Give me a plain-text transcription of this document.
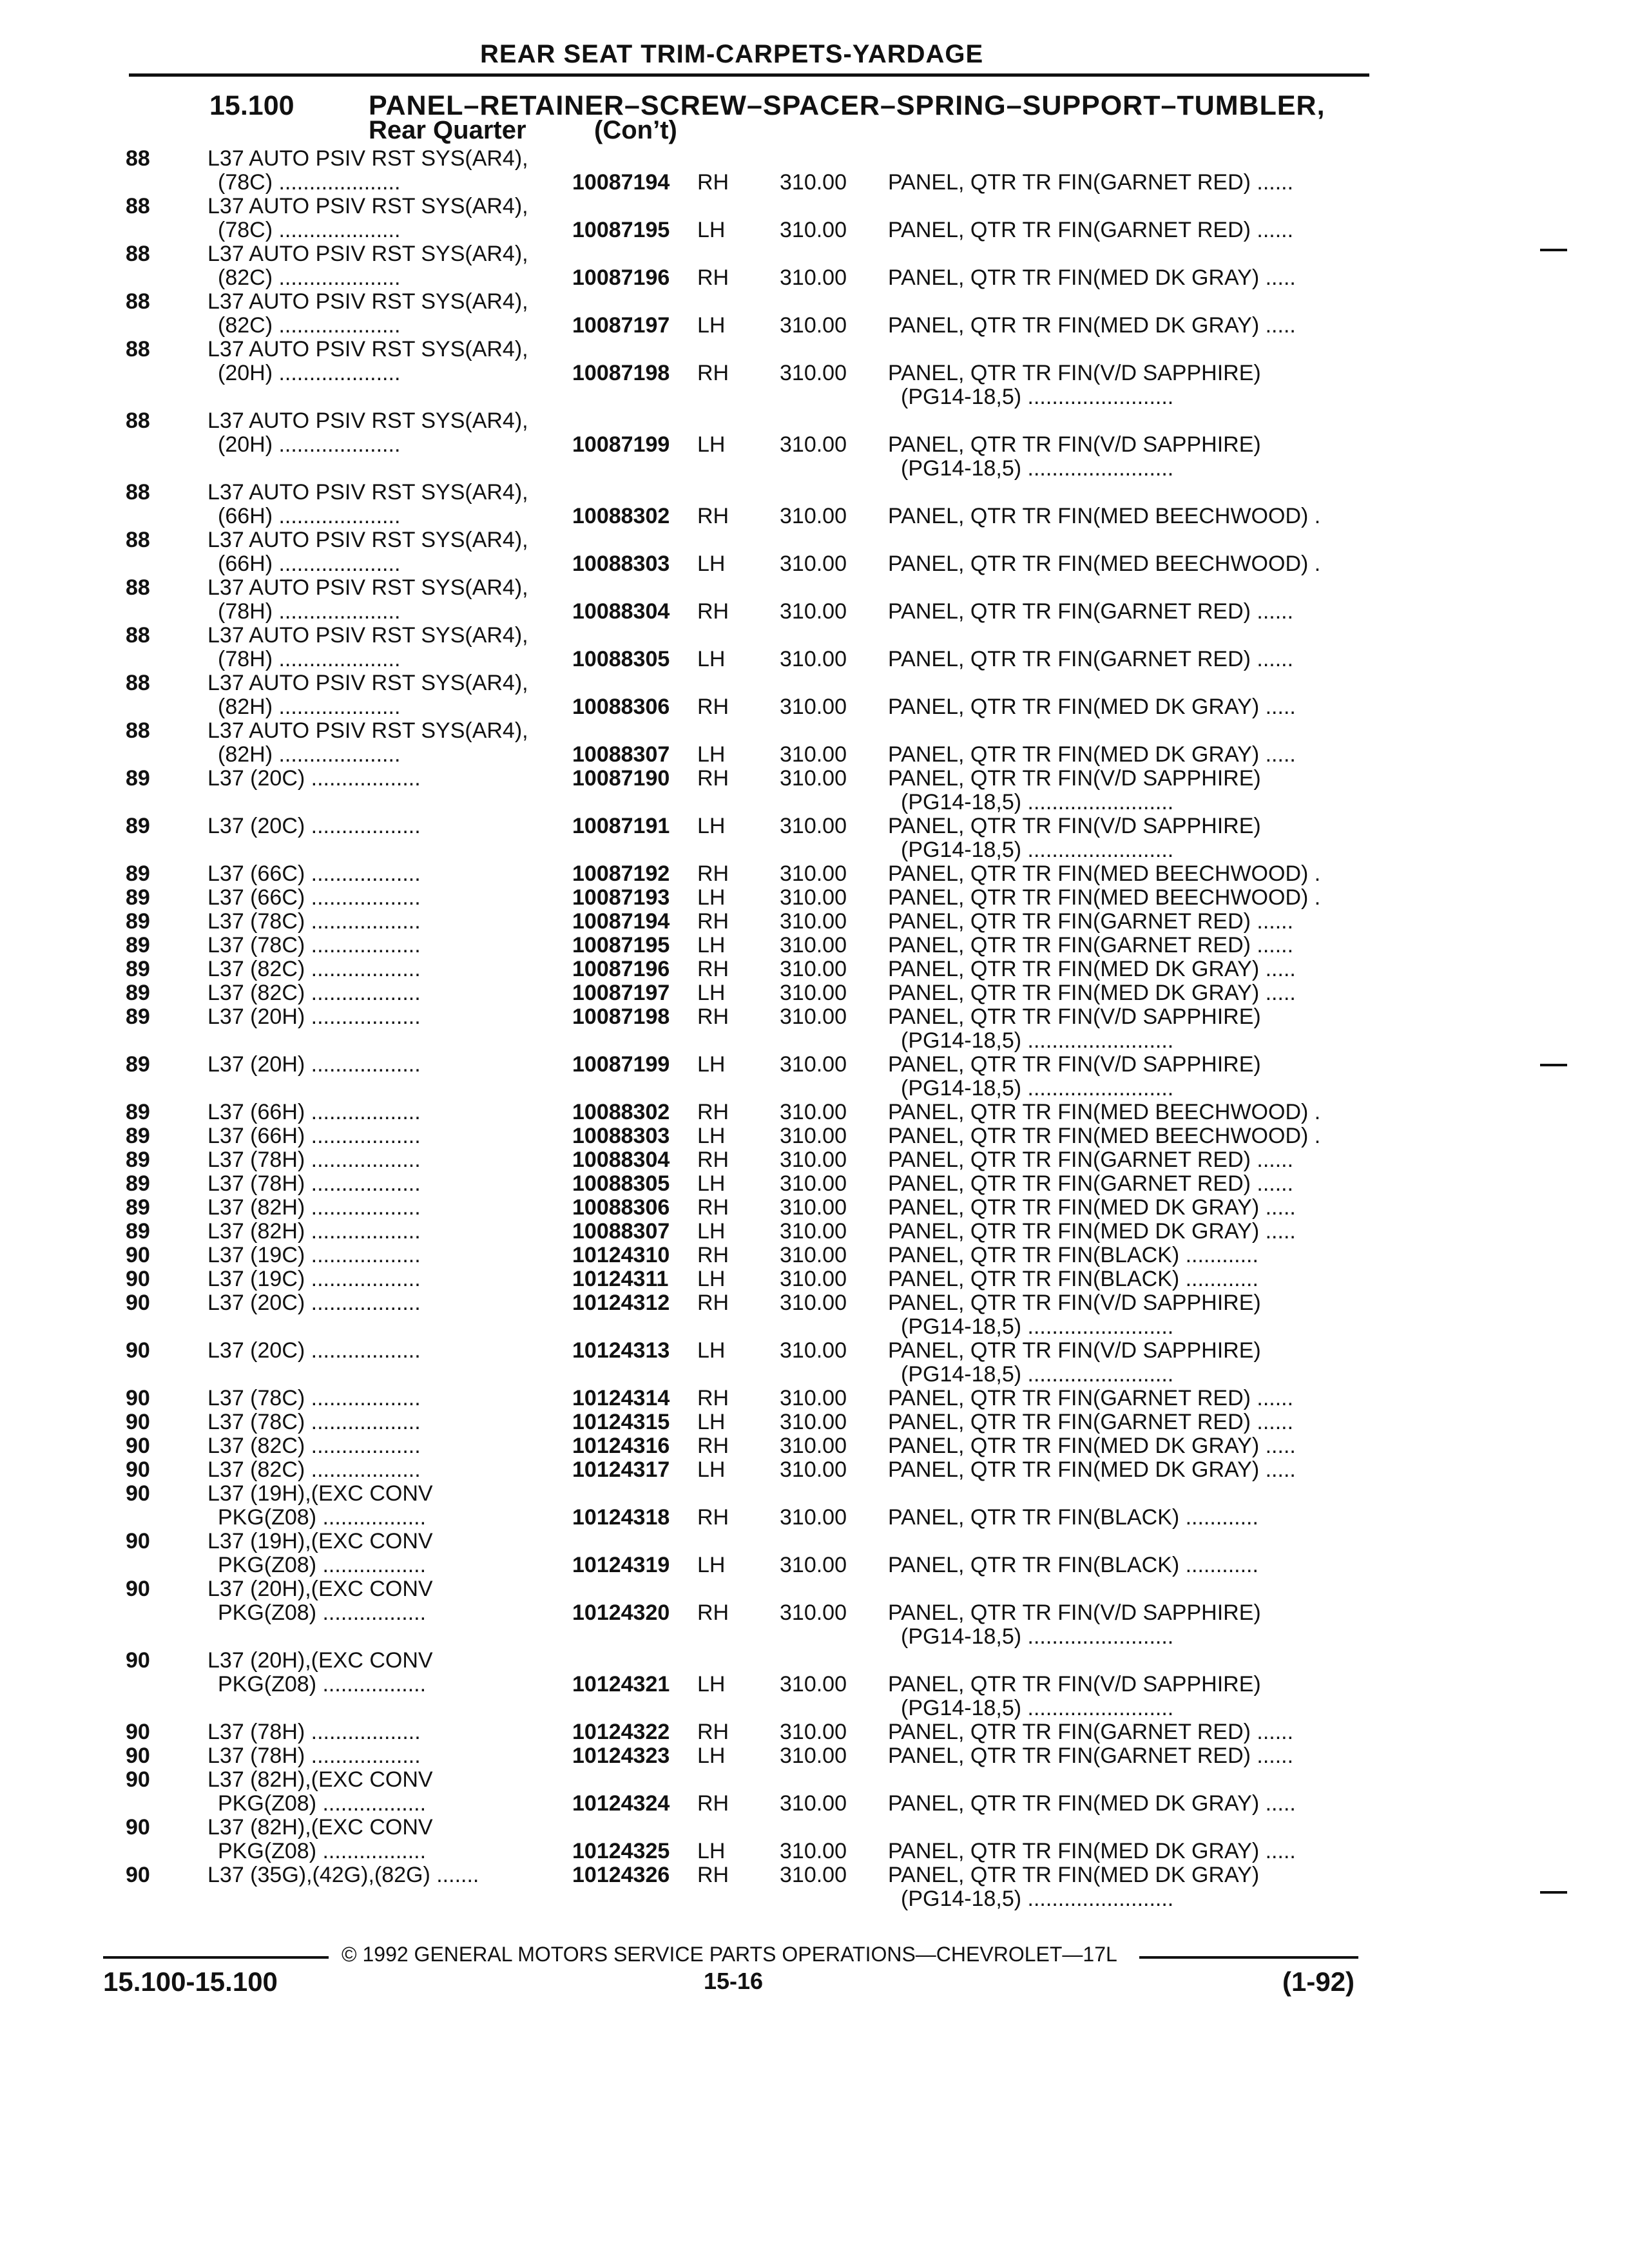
REAR SEAT TRIM-CARPETS-YARDAGE
15.100	PANEL–RETAINER–SCREW–SPACER–SPRING–SUPPORT–TUMBLER,
Rear Quarter	(Con’t)
88	L37 AUTO PSIV RST SYS(AR4),
(78C) ....................	10087194 RH 310.00 PANEL, QTR TR FIN(GARNET RED) ......
88	L37 AUTO PSIV RST SYS(AR4),
(78C) ....................	10087195 LH 310.00 PANEL, QTR TR FIN(GARNET RED) ......
88	L37 AUTO PSIV RST SYS(AR4),
(82C) ....................	10087196 RH 310.00 PANEL, QTR TR FIN(MED DK GRAY) .....
88	L37 AUTO PSIV RST SYS(AR4),
(82C) ....................	10087197 LH 310.00 PANEL, QTR TR FIN(MED DK GRAY) .....
88	L37 AUTO PSIV RST SYS(AR4),
(20H) ....................	10087198 RH 310.00 PANEL, QTR TR FIN(V/D SAPPHIRE)
(PG14-18,5) ........................
88	L37 AUTO PSIV RST SYS(AR4),
(20H) ....................	10087199 LH 310.00 PANEL, QTR TR FIN(V/D SAPPHIRE)
(PG14-18,5) ........................
88	L37 AUTO PSIV RST SYS(AR4),
(66H) ....................	10088302 RH 310.00 PANEL, QTR TR FIN(MED BEECHWOOD) .
88	L37 AUTO PSIV RST SYS(AR4),
(66H) ....................	10088303 LH 310.00 PANEL, QTR TR FIN(MED BEECHWOOD) .
88	L37 AUTO PSIV RST SYS(AR4),
(78H) ....................	10088304 RH 310.00 PANEL, QTR TR FIN(GARNET RED) ......
88	L37 AUTO PSIV RST SYS(AR4),
(78H) ....................	10088305 LH 310.00 PANEL, QTR TR FIN(GARNET RED) ......
88	L37 AUTO PSIV RST SYS(AR4),
(82H) ....................	10088306 RH 310.00 PANEL, QTR TR FIN(MED DK GRAY) .....
88	L37 AUTO PSIV RST SYS(AR4),
(82H) ....................	10088307 LH 310.00 PANEL, QTR TR FIN(MED DK GRAY) .....
89	L37 (20C) ..................	10087190 RH 310.00 PANEL, QTR TR FIN(V/D SAPPHIRE)
(PG14-18,5) ........................
89	L37 (20C) ..................	10087191 LH 310.00 PANEL, QTR TR FIN(V/D SAPPHIRE)
(PG14-18,5) ........................
89	L37 (66C) ..................	10087192 RH 310.00 PANEL, QTR TR FIN(MED BEECHWOOD) .
89	L37 (66C) ..................	10087193 LH 310.00 PANEL, QTR TR FIN(MED BEECHWOOD) .
89	L37 (78C) ..................	10087194 RH 310.00 PANEL, QTR TR FIN(GARNET RED) ......
89	L37 (78C) ..................	10087195 LH 310.00 PANEL, QTR TR FIN(GARNET RED) ......
89	L37 (82C) ..................	10087196 RH 310.00 PANEL, QTR TR FIN(MED DK GRAY) .....
89	L37 (82C) ..................	10087197 LH 310.00 PANEL, QTR TR FIN(MED DK GRAY) .....
89	L37 (20H) ..................	10087198 RH 310.00 PANEL, QTR TR FIN(V/D SAPPHIRE)
(PG14-18,5) ........................
89	L37 (20H) ..................	10087199 LH 310.00 PANEL, QTR TR FIN(V/D SAPPHIRE)
(PG14-18,5) ........................
89	L37 (66H) ..................	10088302 RH 310.00 PANEL, QTR TR FIN(MED BEECHWOOD) .
89	L37 (66H) ..................	10088303 LH 310.00 PANEL, QTR TR FIN(MED BEECHWOOD) .
89	L37 (78H) ..................	10088304 RH 310.00 PANEL, QTR TR FIN(GARNET RED) ......
89	L37 (78H) ..................	10088305 LH 310.00 PANEL, QTR TR FIN(GARNET RED) ......
89	L37 (82H) ..................	10088306 RH 310.00 PANEL, QTR TR FIN(MED DK GRAY) .....
89	L37 (82H) ..................	10088307 LH 310.00 PANEL, QTR TR FIN(MED DK GRAY) .....
90	L37 (19C) ..................	10124310 RH 310.00 PANEL, QTR TR FIN(BLACK) ............
90	L37 (19C) ..................	10124311 LH 310.00 PANEL, QTR TR FIN(BLACK) ............
90	L37 (20C) ..................	10124312 RH 310.00 PANEL, QTR TR FIN(V/D SAPPHIRE)
(PG14-18,5) ........................
90	L37 (20C) ..................	10124313 LH 310.00 PANEL, QTR TR FIN(V/D SAPPHIRE)
(PG14-18,5) ........................
90	L37 (78C) ..................	10124314 RH 310.00 PANEL, QTR TR FIN(GARNET RED) ......
90	L37 (78C) ..................	10124315 LH 310.00 PANEL, QTR TR FIN(GARNET RED) ......
90	L37 (82C) ..................	10124316 RH 310.00 PANEL, QTR TR FIN(MED DK GRAY) .....
90	L37 (82C) ..................	10124317 LH 310.00 PANEL, QTR TR FIN(MED DK GRAY) .....
90	L37 (19H),(EXC CONV
PKG(Z08) .................	10124318 RH 310.00 PANEL, QTR TR FIN(BLACK) ............
90	L37 (19H),(EXC CONV
PKG(Z08) .................	10124319 LH 310.00 PANEL, QTR TR FIN(BLACK) ............
90	L37 (20H),(EXC CONV
PKG(Z08) .................	10124320 RH 310.00 PANEL, QTR TR FIN(V/D SAPPHIRE)
(PG14-18,5) ........................
90	L37 (20H),(EXC CONV
PKG(Z08) .................	10124321 LH 310.00 PANEL, QTR TR FIN(V/D SAPPHIRE)
(PG14-18,5) ........................
90	L37 (78H) ..................	10124322 RH 310.00 PANEL, QTR TR FIN(GARNET RED) ......
90	L37 (78H) ..................	10124323 LH 310.00 PANEL, QTR TR FIN(GARNET RED) ......
90	L37 (82H),(EXC CONV
PKG(Z08) .................	10124324 RH 310.00 PANEL, QTR TR FIN(MED DK GRAY) .....
90	L37 (82H),(EXC CONV
PKG(Z08) .................	10124325 LH 310.00 PANEL, QTR TR FIN(MED DK GRAY) .....
90	L37 (35G),(42G),(82G) .......	10124326 RH 310.00 PANEL, QTR TR FIN(MED DK GRAY)
(PG14-18,5) ........................
© 1992 GENERAL MOTORS SERVICE PARTS OPERATIONS—CHEVROLET—17L
15.100-15.100	15-16	(1-92)
